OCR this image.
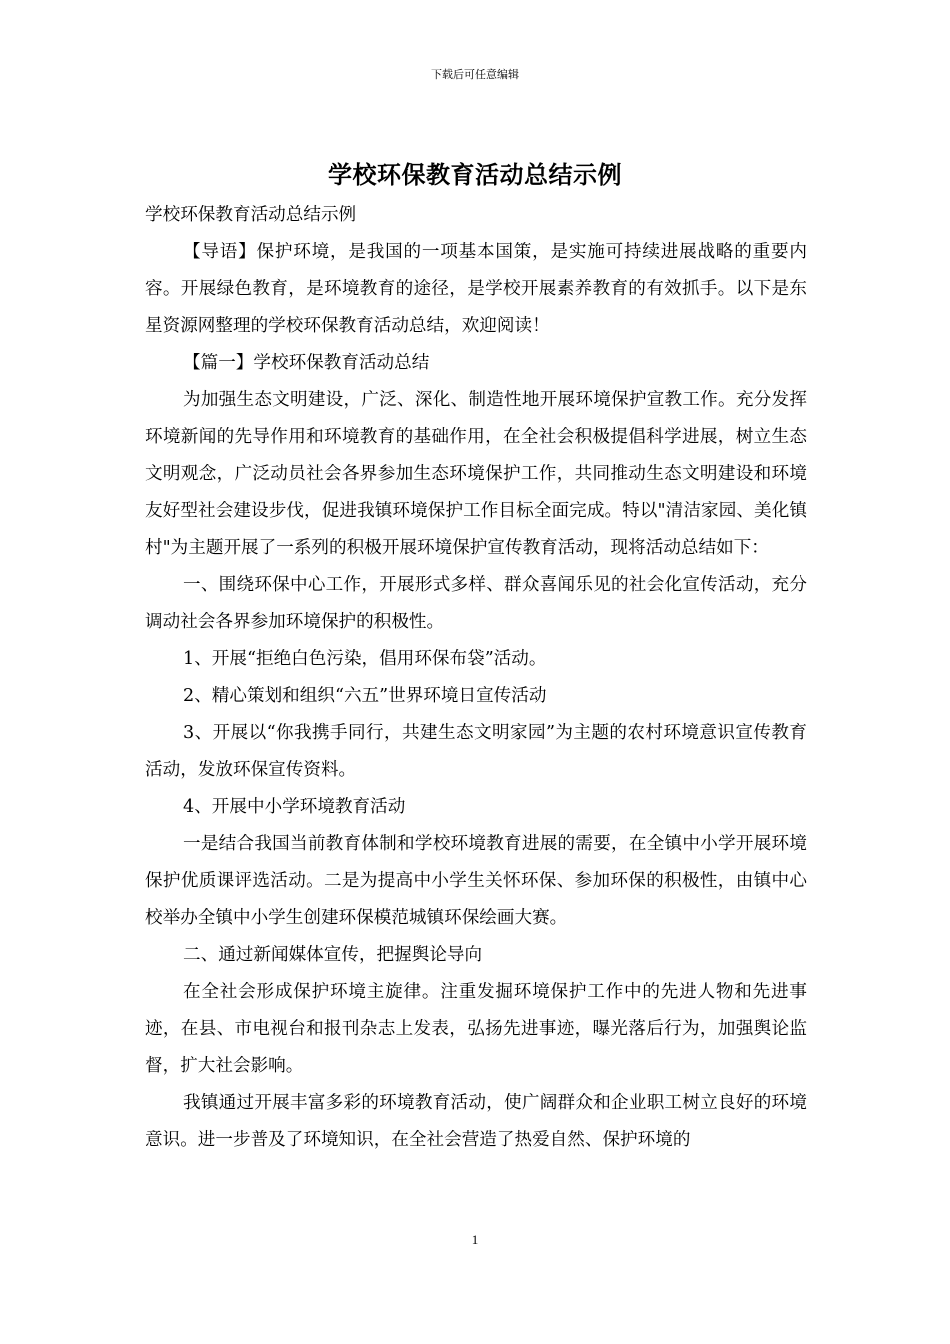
下载后可任意编辑
学校环保教育活动总结示例

学校环保教育活动总结示例

【导语】保护环境，是我国的一项基本国策，是实施可持续进展战略的重要内容。开展绿色教育，是环境教育的途径，是学校开展素养教育的有效抓手。以下是东星资源网整理的学校环保教育活动总结，欢迎阅读！

【篇一】学校环保教育活动总结

为加强生态文明建设，广泛、深化、制造性地开展环境保护宣教工作。充分发挥环境新闻的先导作用和环境教育的基础作用，在全社会积极提倡科学进展，树立生态文明观念，广泛动员社会各界参加生态环境保护工作，共同推动生态文明建设和环境友好型社会建设步伐，促进我镇环境保护工作目标全面完成。特以"清洁家园、美化镇村"为主题开展了一系列的积极开展环境保护宣传教育活动，现将活动总结如下：

一、围绕环保中心工作，开展形式多样、群众喜闻乐见的社会化宣传活动，充分调动社会各界参加环境保护的积极性。

1、开展“拒绝白色污染，倡用环保布袋”活动。

2、精心策划和组织“六五”世界环境日宣传活动

3、开展以“你我携手同行，共建生态文明家园”为主题的农村环境意识宣传教育活动，发放环保宣传资料。

4、开展中小学环境教育活动

一是结合我国当前教育体制和学校环境教育进展的需要，在全镇中小学开展环境保护优质课评选活动。二是为提高中小学生关怀环保、参加环保的积极性，由镇中心校举办全镇中小学生创建环保模范城镇环保绘画大赛。

二、通过新闻媒体宣传，把握舆论导向

在全社会形成保护环境主旋律。注重发掘环境保护工作中的先进人物和先进事迹，在县、市电视台和报刊杂志上发表，弘扬先进事迹，曝光落后行为，加强舆论监督，扩大社会影响。

我镇通过开展丰富多彩的环境教育活动，使广阔群众和企业职工树立良好的环境意识。进一步普及了环境知识，在全社会营造了热爱自然、保护环境的

1
